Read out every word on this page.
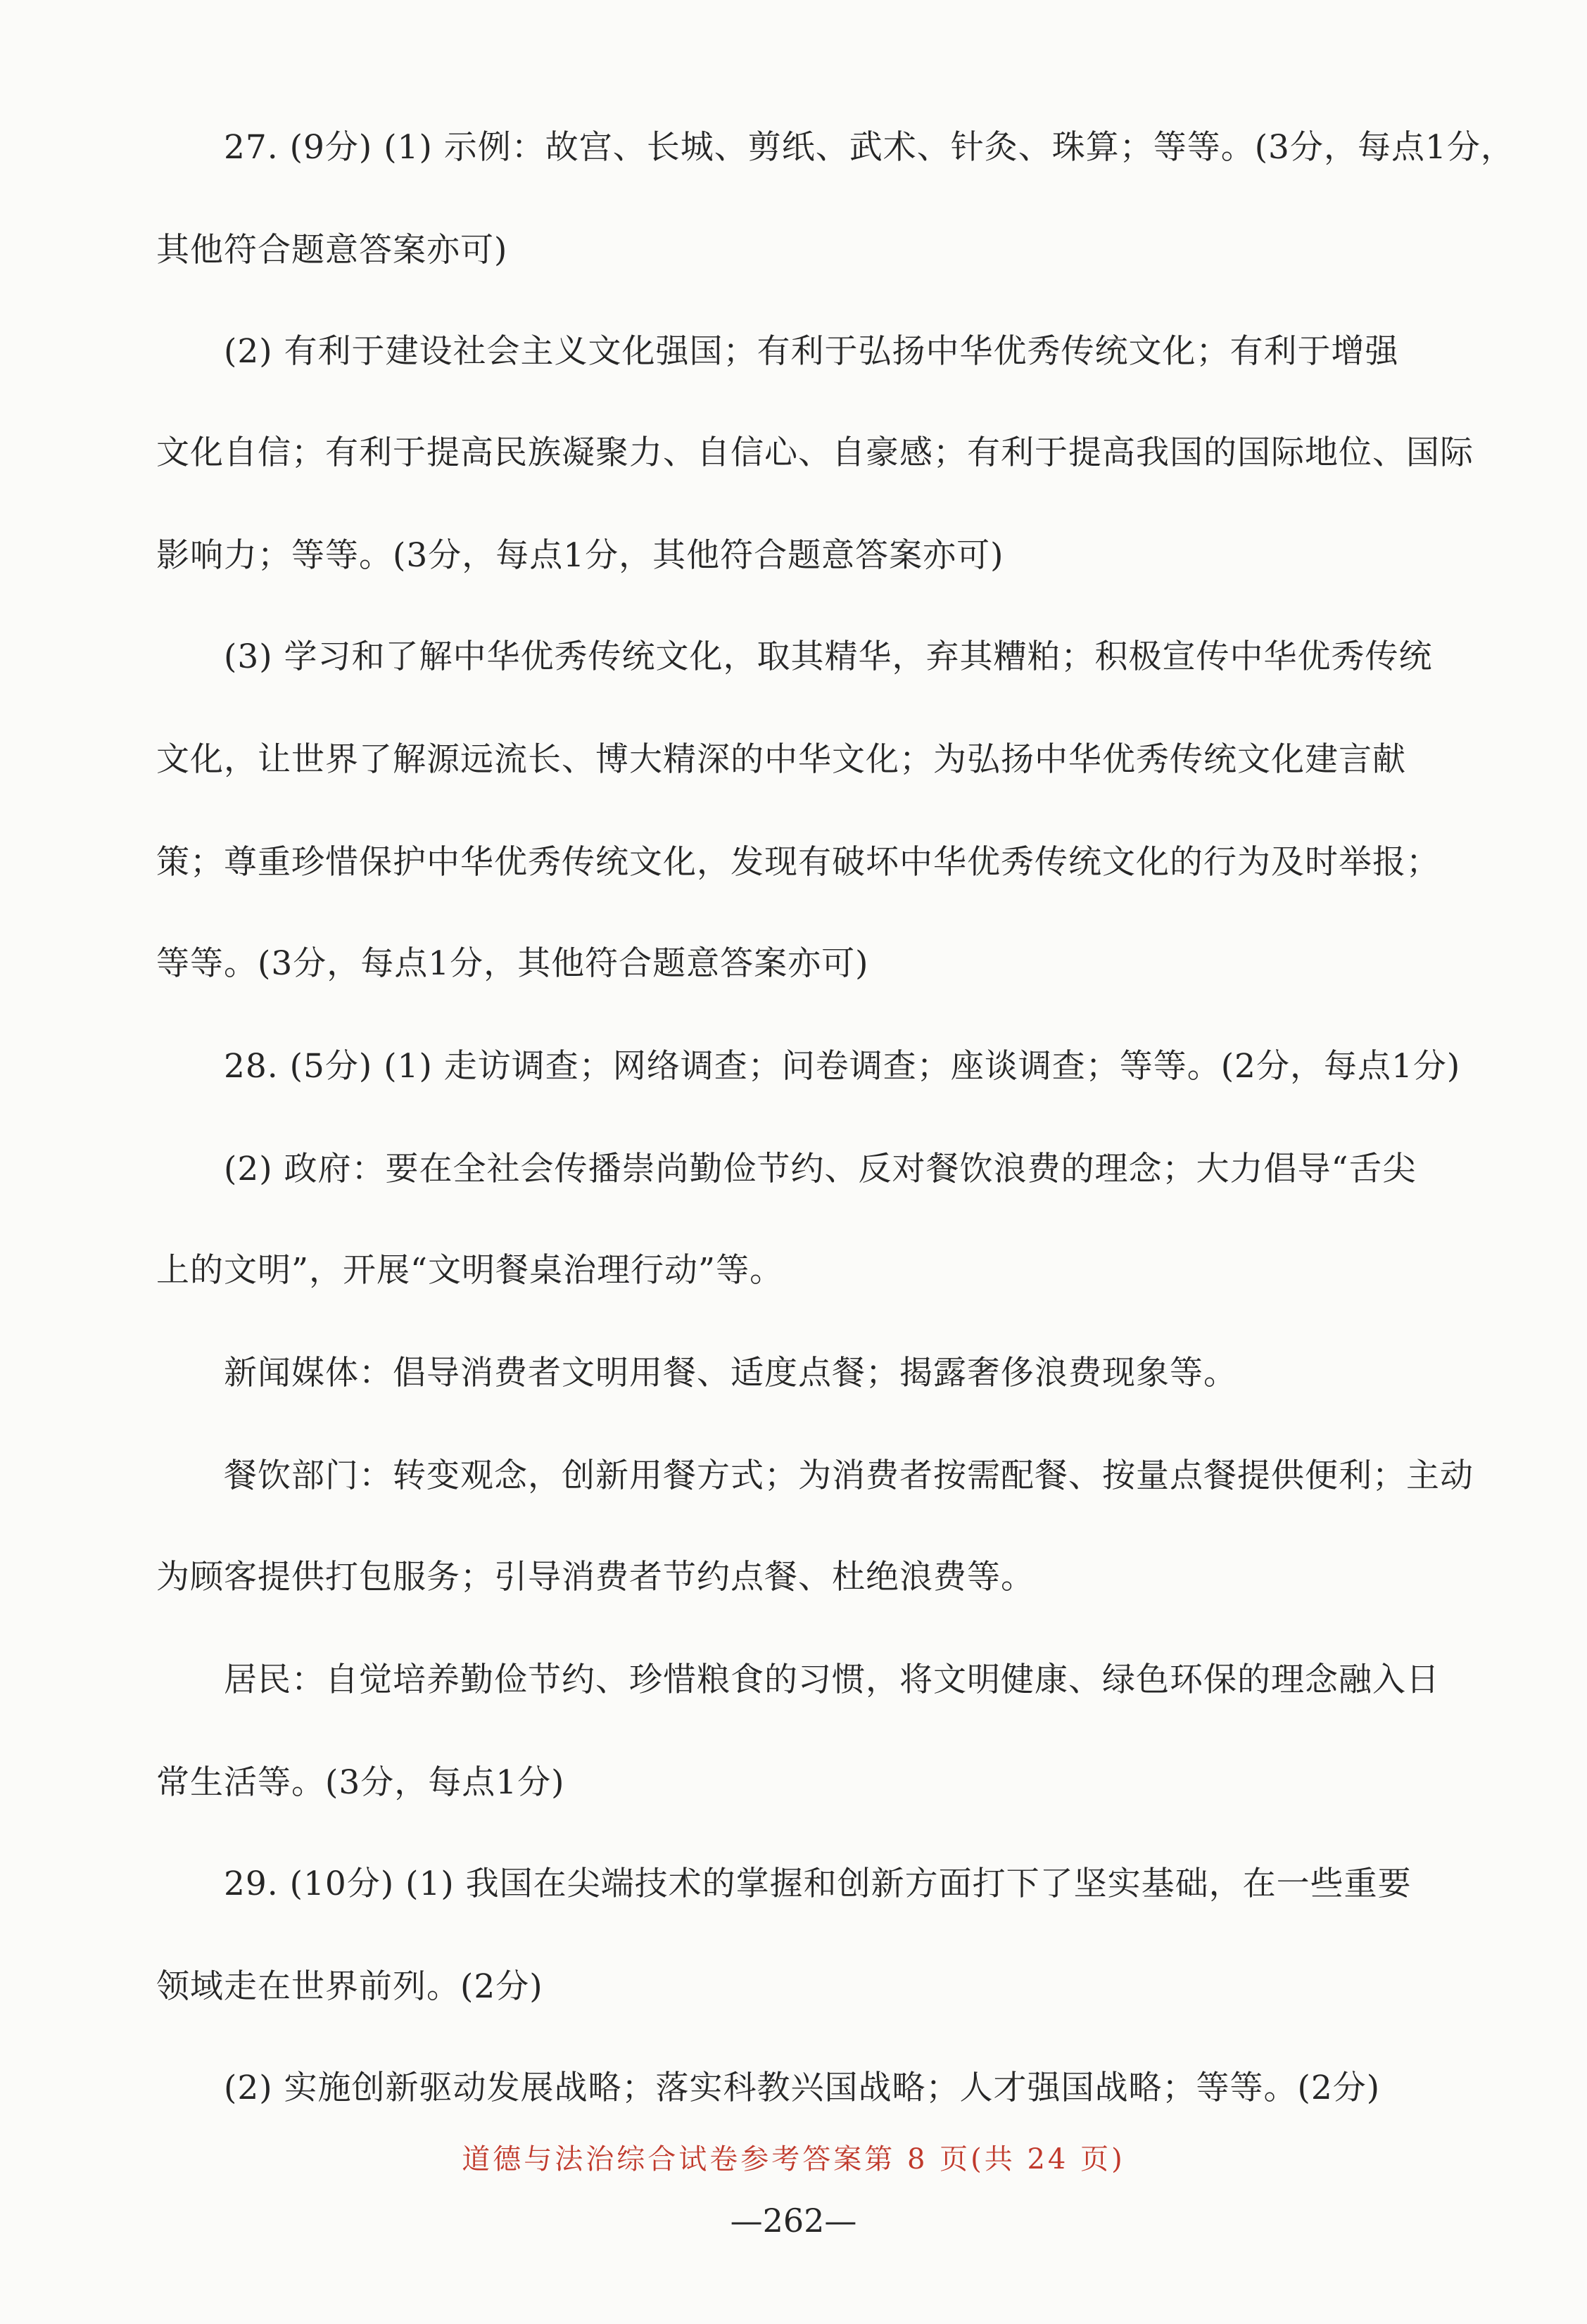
27. (9分) (1) 示例：故宫、长城、剪纸、武术、针灸、珠算；等等。(3分，每点1分，
其他符合题意答案亦可)
(2) 有利于建设社会主义文化强国；有利于弘扬中华优秀传统文化；有利于增强
文化自信；有利于提高民族凝聚力、自信心、自豪感；有利于提高我国的国际地位、国际
影响力；等等。(3分，每点1分，其他符合题意答案亦可)
(3) 学习和了解中华优秀传统文化，取其精华，弃其糟粕；积极宣传中华优秀传统
文化，让世界了解源远流长、博大精深的中华文化；为弘扬中华优秀传统文化建言献
策；尊重珍惜保护中华优秀传统文化，发现有破坏中华优秀传统文化的行为及时举报；
等等。(3分，每点1分，其他符合题意答案亦可)
28. (5分) (1) 走访调查；网络调查；问卷调查；座谈调查；等等。(2分，每点1分)
(2) 政府：要在全社会传播崇尚勤俭节约、反对餐饮浪费的理念；大力倡导“舌尖
上的文明”，开展“文明餐桌治理行动”等。
新闻媒体：倡导消费者文明用餐、适度点餐；揭露奢侈浪费现象等。
餐饮部门：转变观念，创新用餐方式；为消费者按需配餐、按量点餐提供便利；主动
为顾客提供打包服务；引导消费者节约点餐、杜绝浪费等。
居民：自觉培养勤俭节约、珍惜粮食的习惯，将文明健康、绿色环保的理念融入日
常生活等。(3分，每点1分)
29. (10分) (1) 我国在尖端技术的掌握和创新方面打下了坚实基础，在一些重要
领域走在世界前列。(2分)
(2) 实施创新驱动发展战略；落实科教兴国战略；人才强国战略；等等。(2分)
道德与法治综合试卷参考答案第 8 页(共 24 页)
—262—
